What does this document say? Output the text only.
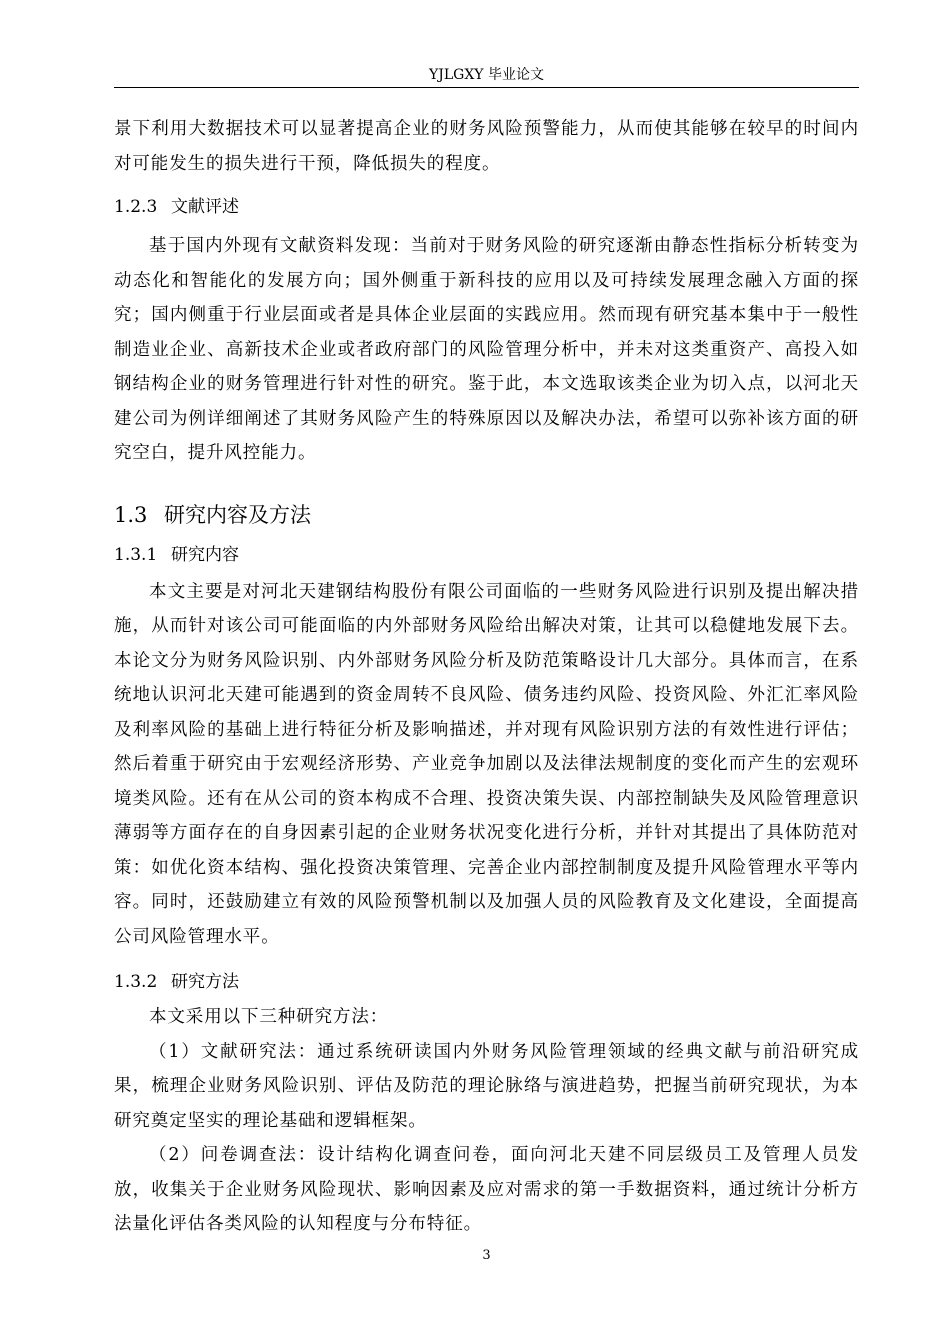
YJLGXY 毕业论文

景下利用大数据技术可以显著提高企业的财务风险预警能力，从而使其能够在较早的时间内对可能发生的损失进行干预，降低损失的程度。

1.2.3 文献评述

基于国内外现有文献资料发现：当前对于财务风险的研究逐渐由静态性指标分析转变为动态化和智能化的发展方向；国外侧重于新科技的应用以及可持续发展理念融入方面的探究；国内侧重于行业层面或者是具体企业层面的实践应用。然而现有研究基本集中于一般性制造业企业、高新技术企业或者政府部门的风险管理分析中，并未对这类重资产、高投入如钢结构企业的财务管理进行针对性的研究。鉴于此，本文选取该类企业为切入点，以河北天建公司为例详细阐述了其财务风险产生的特殊原因以及解决办法，希望可以弥补该方面的研究空白，提升风控能力。

1.3 研究内容及方法
1.3.1 研究内容

本文主要是对河北天建钢结构股份有限公司面临的一些财务风险进行识别及提出解决措施，从而针对该公司可能面临的内外部财务风险给出解决对策，让其可以稳健地发展下去。本论文分为财务风险识别、内外部财务风险分析及防范策略设计几大部分。具体而言，在系统地认识河北天建可能遇到的资金周转不良风险、债务违约风险、投资风险、外汇汇率风险及利率风险的基础上进行特征分析及影响描述，并对现有风险识别方法的有效性进行评估；然后着重于研究由于宏观经济形势、产业竞争加剧以及法律法规制度的变化而产生的宏观环境类风险。还有在从公司的资本构成不合理、投资决策失误、内部控制缺失及风险管理意识薄弱等方面存在的自身因素引起的企业财务状况变化进行分析，并针对其提出了具体防范对策：如优化资本结构、强化投资决策管理、完善企业内部控制制度及提升风险管理水平等内容。同时，还鼓励建立有效的风险预警机制以及加强人员的风险教育及文化建设，全面提高公司风险管理水平。

1.3.2 研究方法

本文采用以下三种研究方法：

（1）文献研究法：通过系统研读国内外财务风险管理领域的经典文献与前沿研究成果，梳理企业财务风险识别、评估及防范的理论脉络与演进趋势，把握当前研究现状，为本研究奠定坚实的理论基础和逻辑框架。

（2）问卷调查法：设计结构化调查问卷，面向河北天建不同层级员工及管理人员发放，收集关于企业财务风险现状、影响因素及应对需求的第一手数据资料，通过统计分析方法量化评估各类风险的认知程度与分布特征。

3
